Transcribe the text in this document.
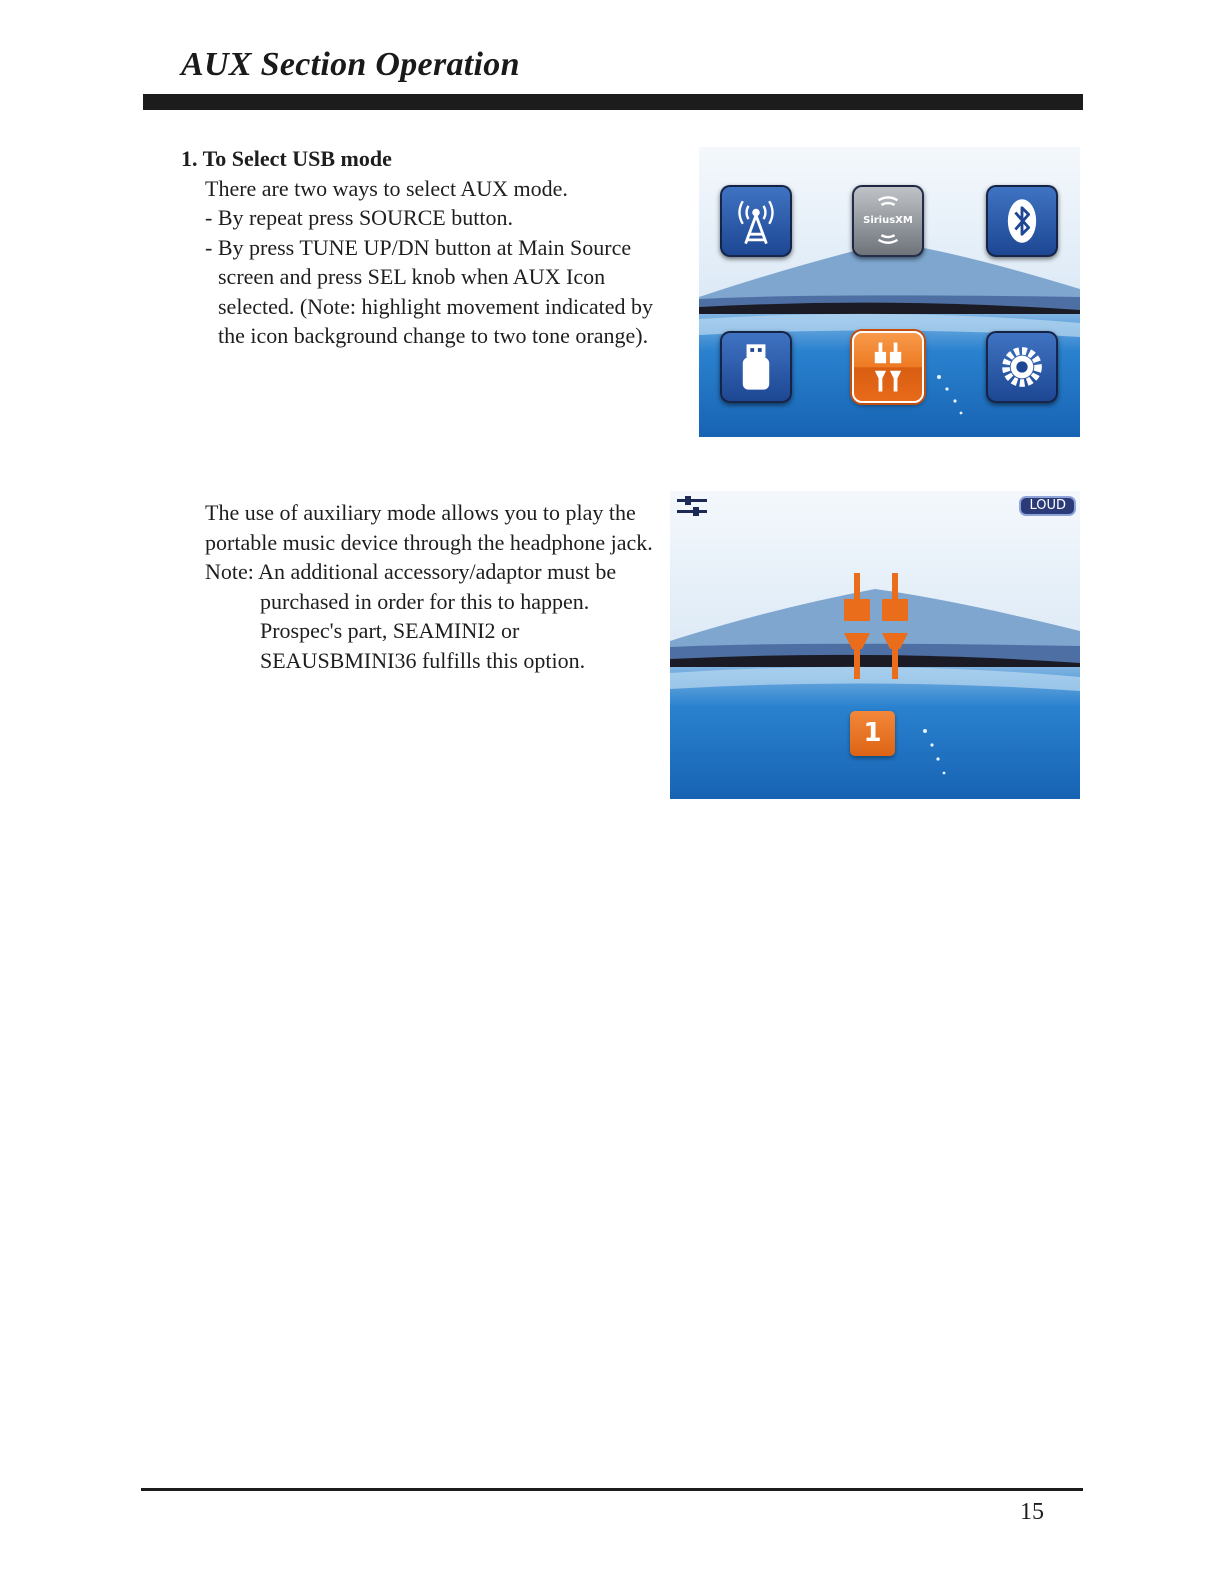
AUX Section Operation

1. To Select USB mode

There are two ways to select AUX mode.

- By repeat press SOURCE button.

- By press TUNE UP/DN button at Main Source screen and press SEL knob when AUX Icon selected. (Note: highlight movement indicated by the icon background change to two tone orange).

The use of auxiliary mode allows you to play the portable music device through the headphone jack.

Note: An additional accessory/adaptor must be purchased in order for this to happen. Prospec's part, SEAMINI2 or SEAUSBMINI36 fulfills this option.

SiriusXM
LOUD
1
15
